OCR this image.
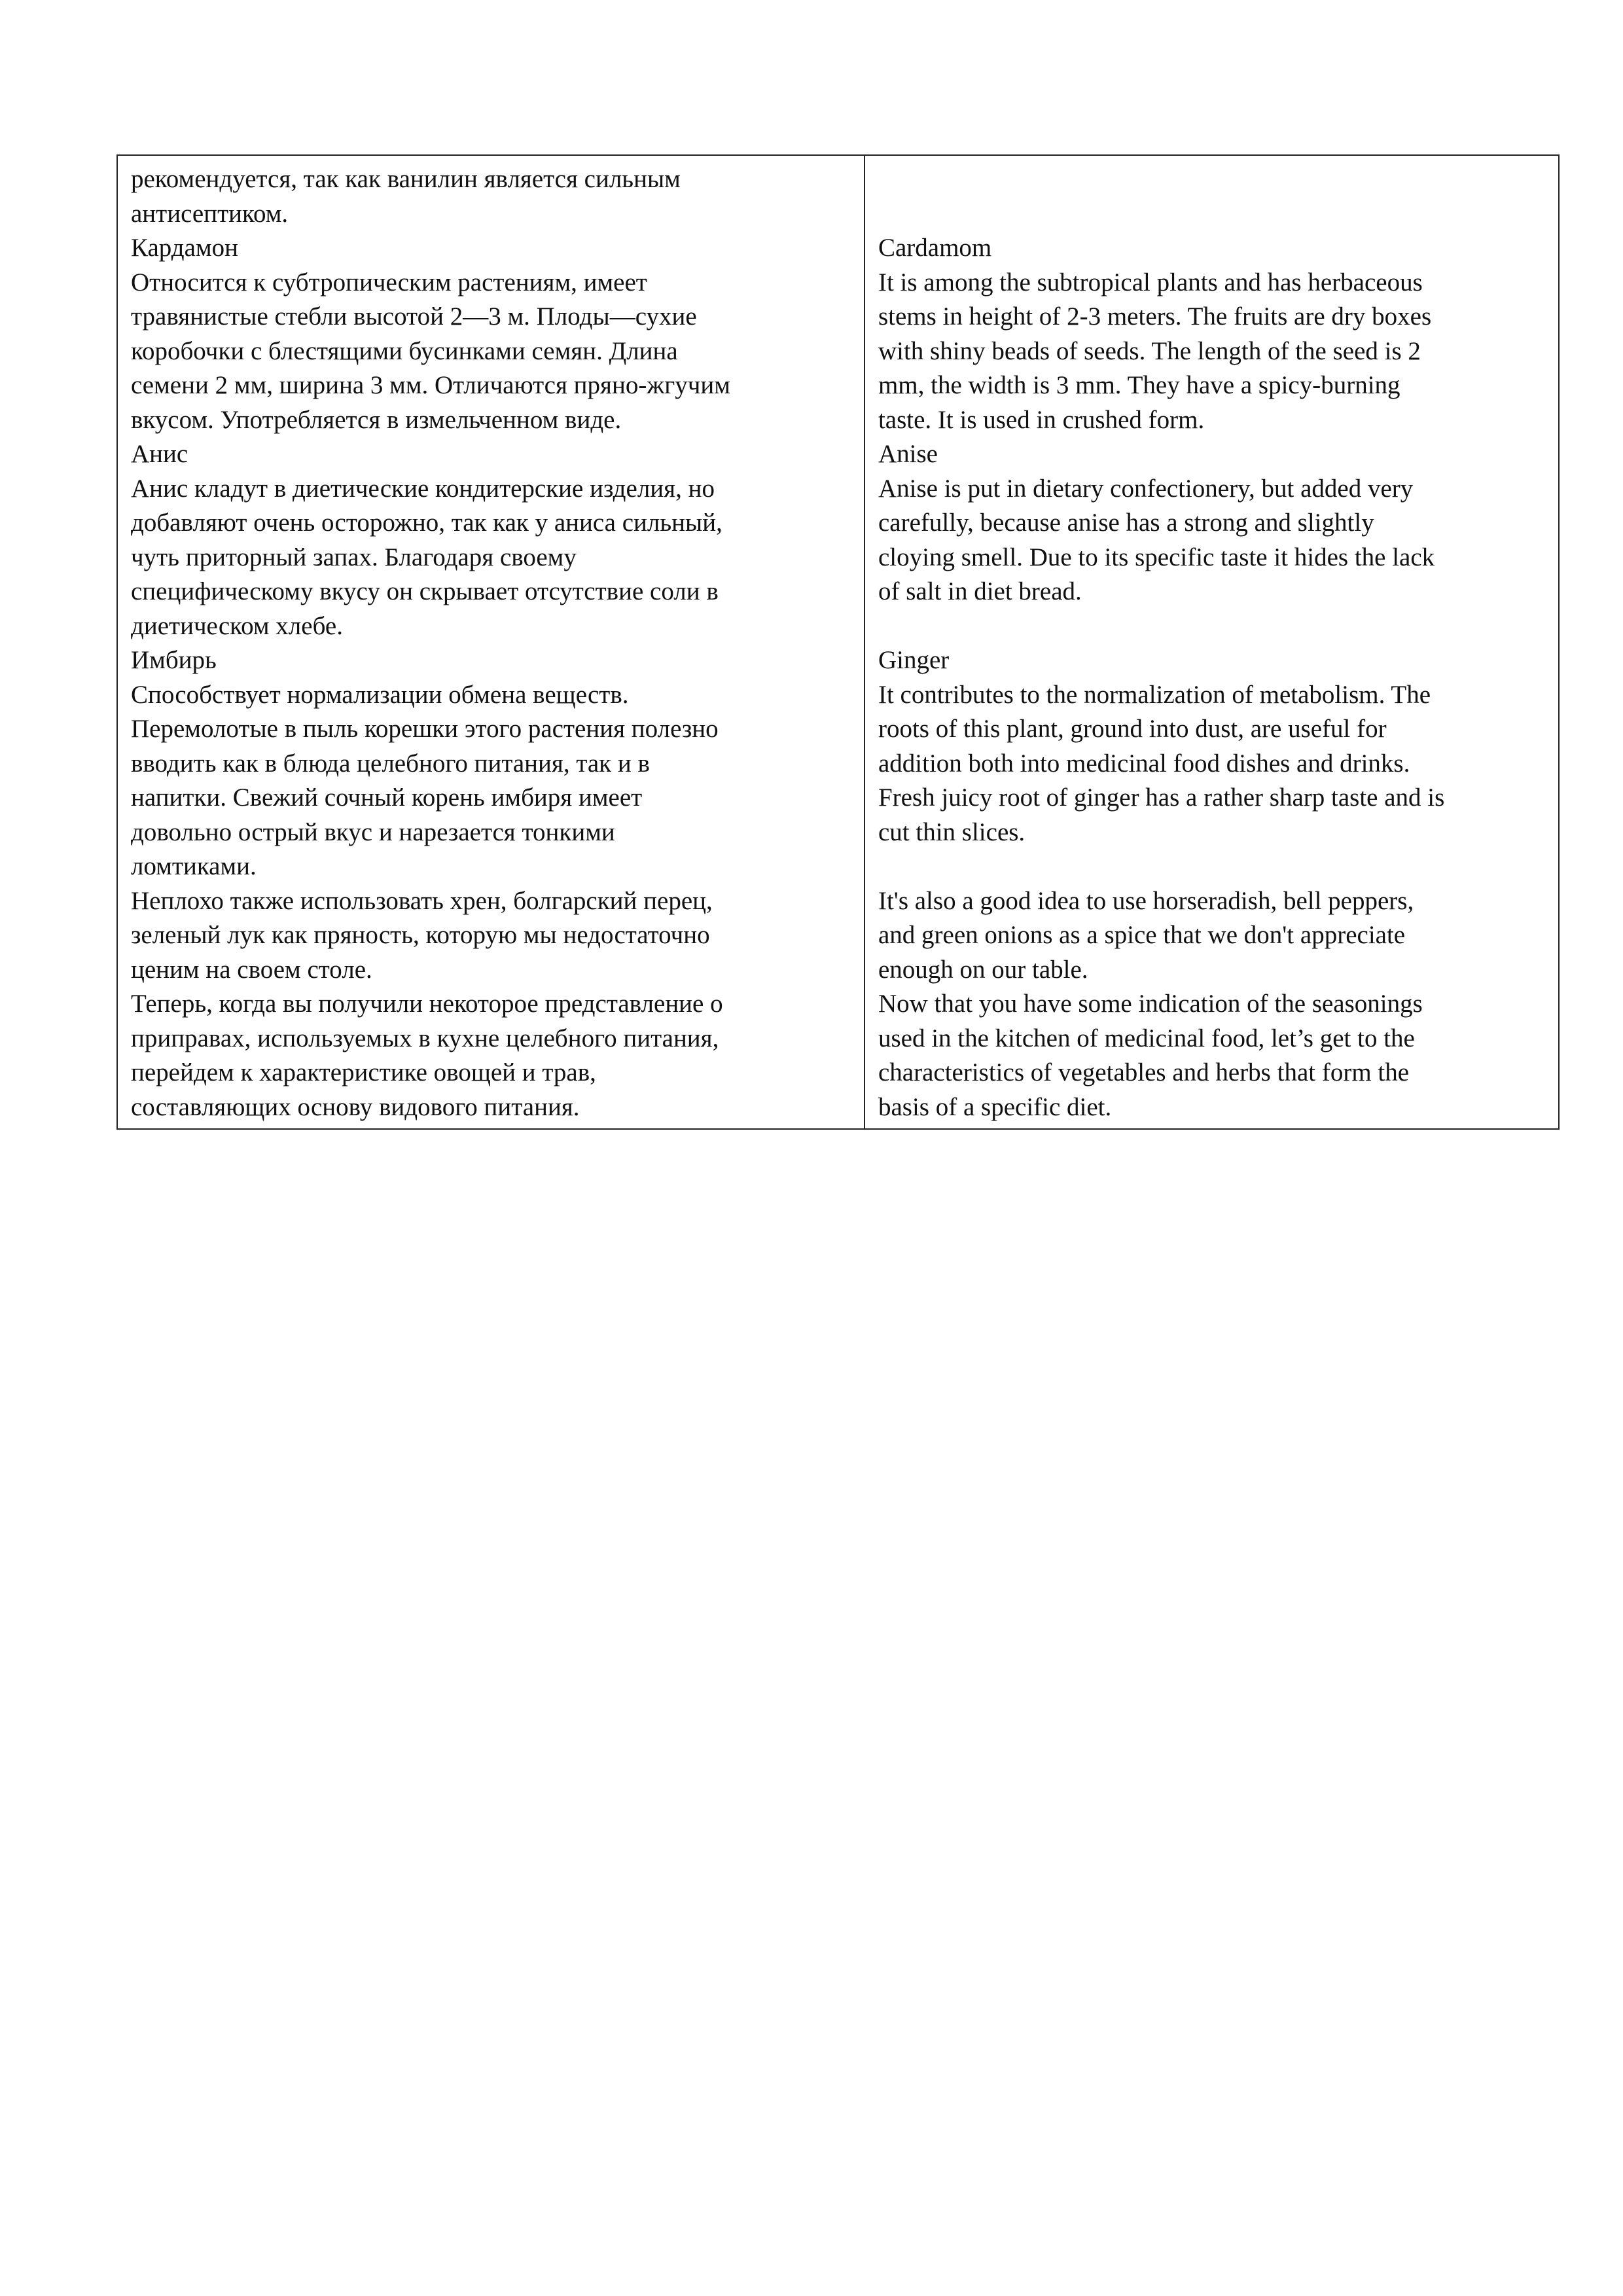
рекомендуется, так как ванилин является сильным
антисептиком.
Кардамон
Относится к субтропическим растениям, имеет
травянистые стебли высотой 2—3 м. Плоды—сухие
коробочки с блестящими бусинками семян. Длина
семени 2 мм, ширина 3 мм. Отличаются пряно-жгучим
вкусом. Употребляется в измельченном виде.
Анис
Анис кладут в диетические кондитерские изделия, но
добавляют очень осторожно, так как у аниса сильный,
чуть приторный запах. Благодаря своему
специфическому вкусу он скрывает отсутствие соли в
диетическом хлебе.
Имбирь
Способствует нормализации обмена веществ.
Перемолотые в пыль корешки этого растения полезно
вводить как в блюда целебного питания, так и в
напитки. Свежий сочный корень имбиря имеет
довольно острый вкус и нарезается тонкими
ломтиками.
Неплохо также использовать хрен, болгарский перец,
зеленый лук как пряность, которую мы недостаточно
ценим на своем столе.
Теперь, когда вы получили некоторое представление о
приправах, используемых в кухне целебного питания,
перейдем к характеристике овощей и трав,
составляющих основу видового питания.
Cardamom
It is among the subtropical plants and has herbaceous
stems in height of 2-3 meters. The fruits are dry boxes
with shiny beads of seeds. The length of the seed is 2
mm, the width is 3 mm. They have a spicy-burning
taste. It is used in crushed form.
Anise
Anise is put in dietary confectionery, but added very
carefully, because anise has a strong and slightly
cloying smell. Due to its specific taste it hides the lack
of salt in diet bread.
Ginger
It contributes to the normalization of metabolism. The
roots of this plant, ground into dust, are useful for
addition both into medicinal food dishes and drinks.
Fresh juicy root of ginger has a rather sharp taste and is
cut thin slices.
It's also a good idea to use horseradish, bell peppers,
and green onions as a spice that we don't appreciate
enough on our table.
Now that you have some indication of the seasonings
used in the kitchen of medicinal food, let’s get to the
characteristics of vegetables and herbs that form the
basis of a specific diet.
